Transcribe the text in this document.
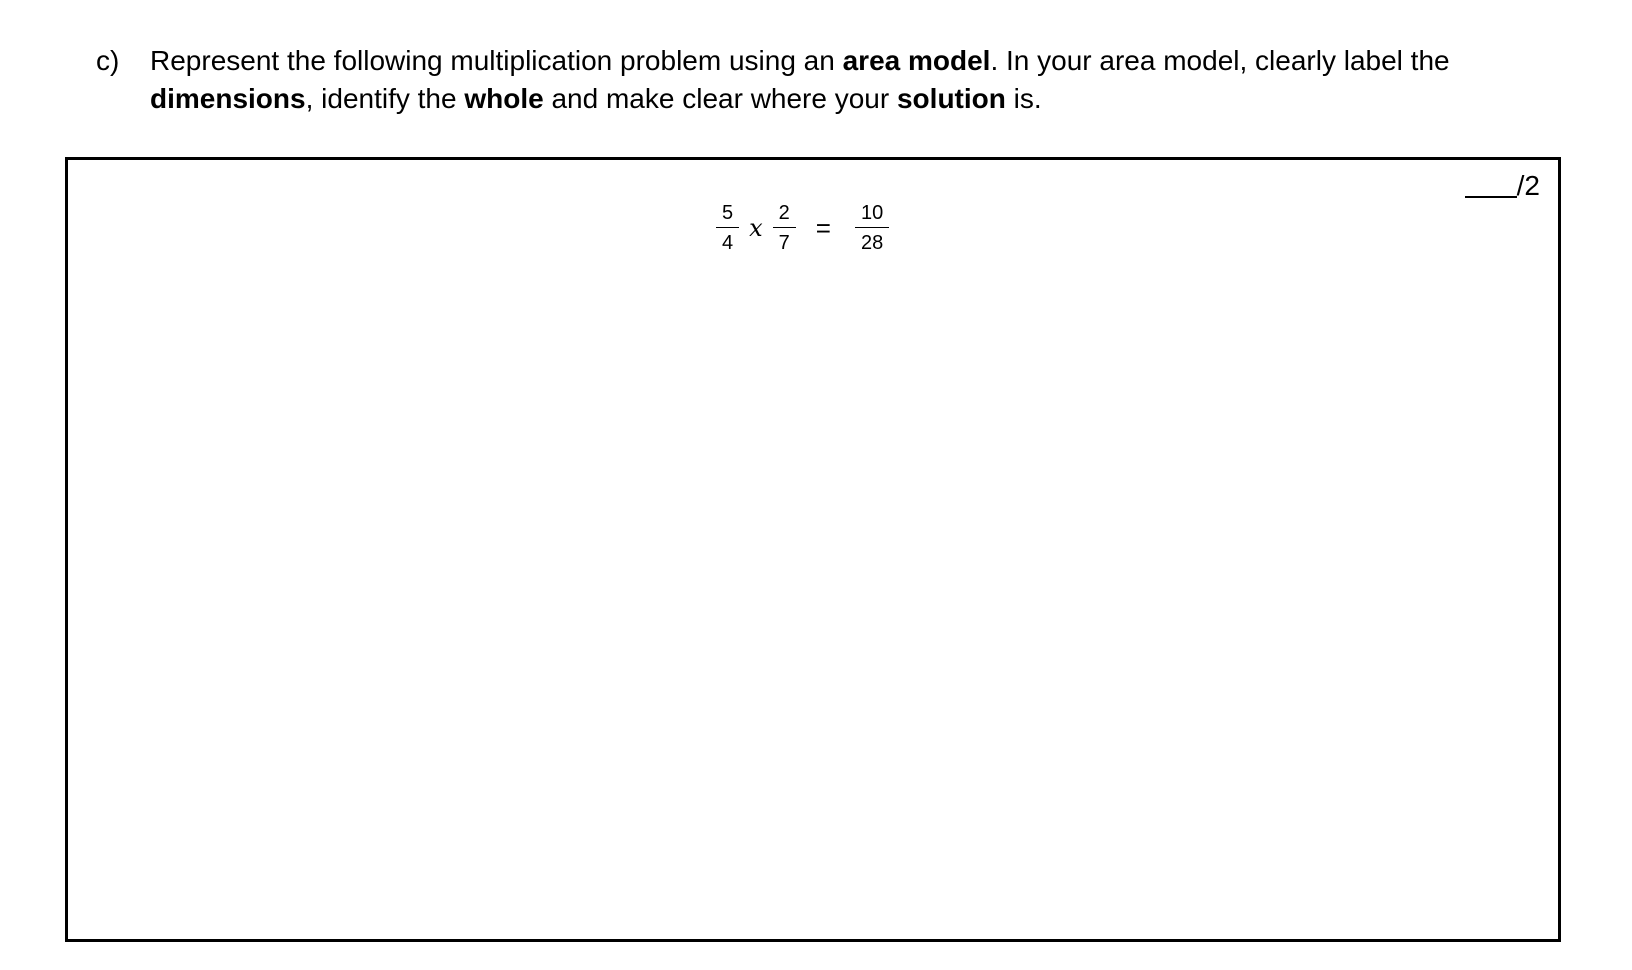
c) Represent the following multiplication problem using an area model. In your area model, clearly label the
dimensions, identify the whole and make clear where your solution is.
/2
$\frac{5}{4}$ x $\frac{2}{7} = \frac{10}{28}$
